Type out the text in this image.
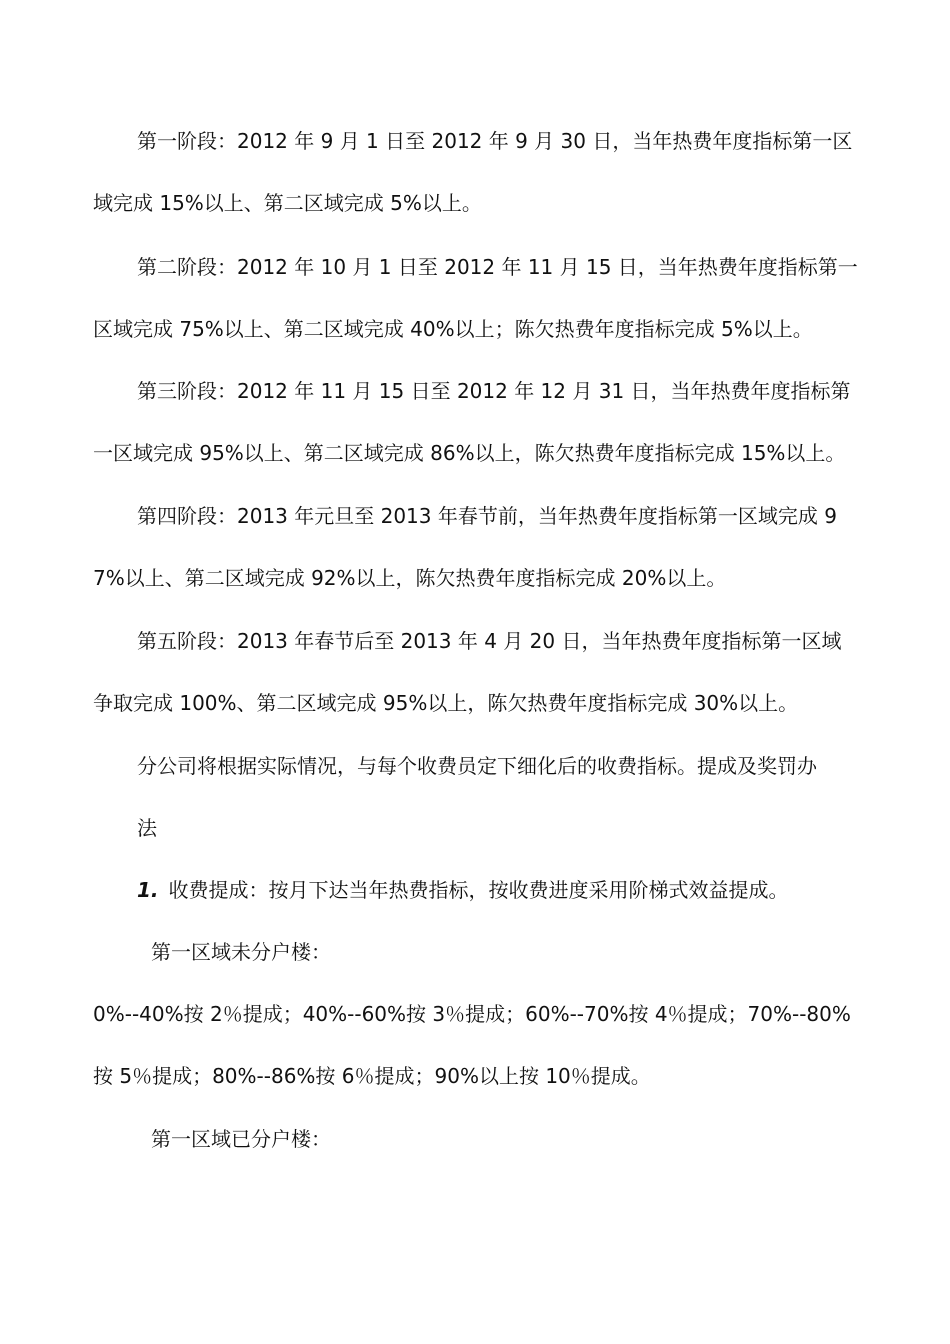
第一阶段：2012 年 9 月 1 日至 2012 年 9 月 30 日，当年热费年度指标第一区
域完成 15%以上、第二区域完成 5%以上。
第二阶段：2012 年 10 月 1 日至 2012 年 11 月 15 日，当年热费年度指标第一
区域完成 75%以上、第二区域完成 40%以上；陈欠热费年度指标完成 5%以上。
第三阶段：2012 年 11 月 15 日至 2012 年 12 月 31 日，当年热费年度指标第
一区域完成 95%以上、第二区域完成 86%以上，陈欠热费年度指标完成 15%以上。
第四阶段：2013 年元旦至 2013 年春节前，当年热费年度指标第一区域完成 9
7%以上、第二区域完成 92%以上，陈欠热费年度指标完成 20%以上。
第五阶段：2013 年春节后至 2013 年 4 月 20 日，当年热费年度指标第一区域
争取完成 100%、第二区域完成 95%以上，陈欠热费年度指标完成 30%以上。
分公司将根据实际情况，与每个收费员定下细化后的收费指标。提成及奖罚办
法
1. 收费提成：按月下达当年热费指标，按收费进度采用阶梯式效益提成。
第一区域未分户楼：
0%--40%按 2％提成；40%--60%按 3％提成；60%--70%按 4％提成；70%--80%
按 5％提成；80%--86%按 6％提成；90%以上按 10％提成。
第一区域已分户楼：
